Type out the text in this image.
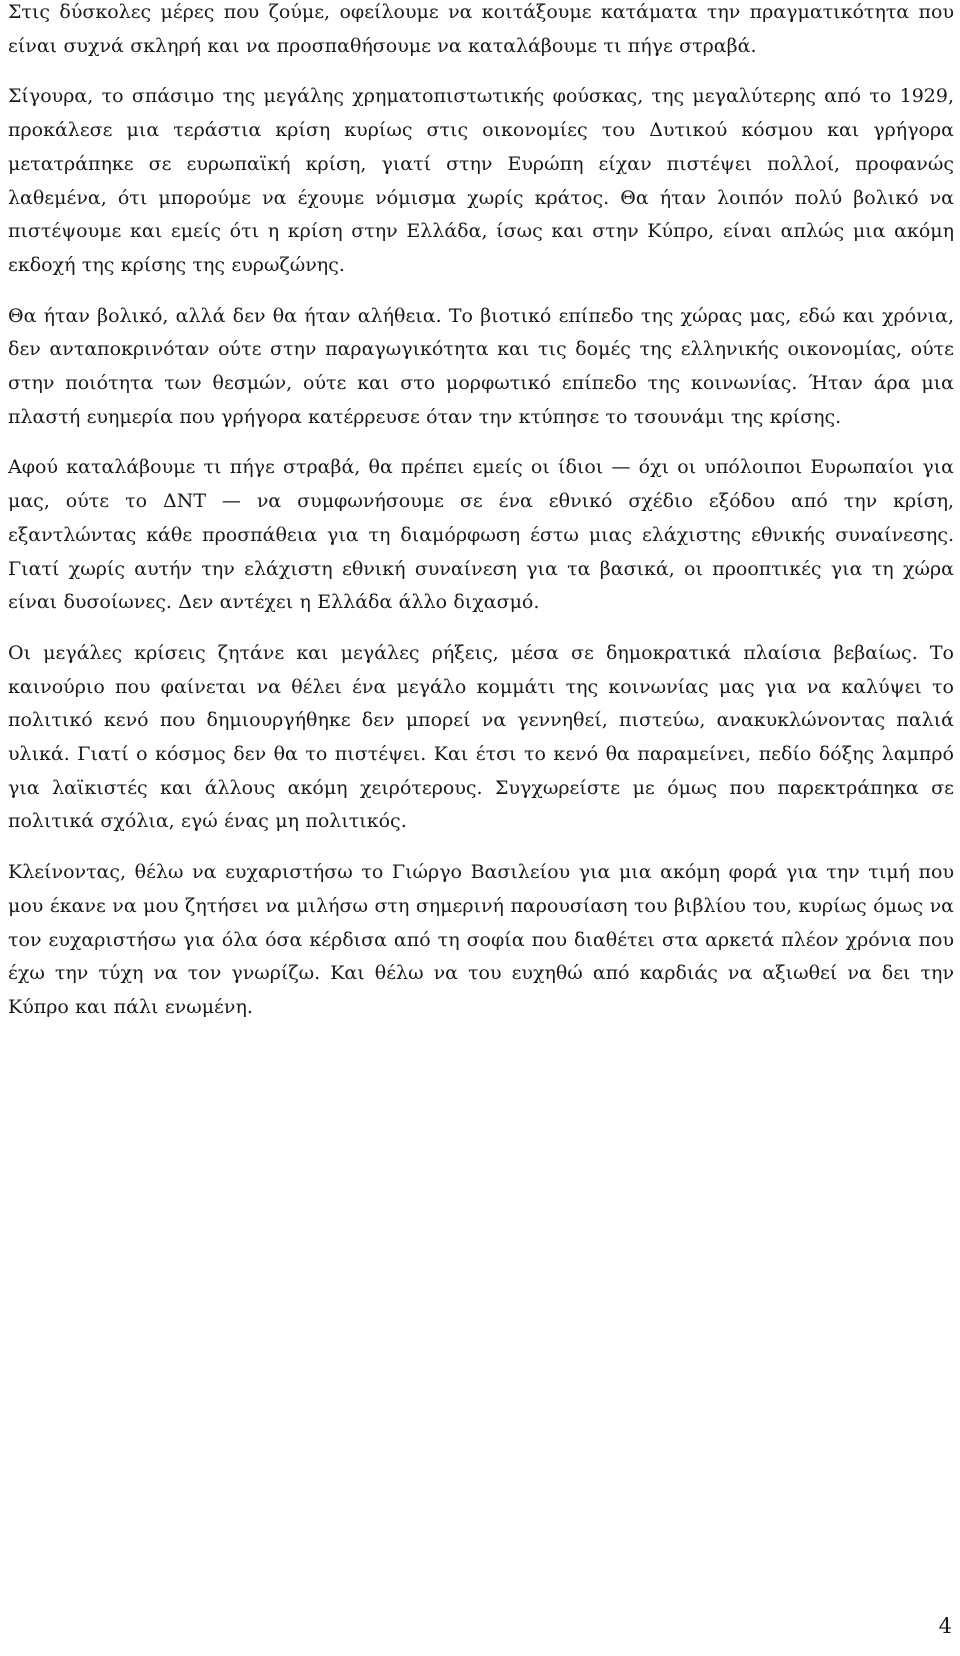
Στις δύσκολες μέρες που ζούμε, οφείλουμε να κοιτάξουμε κατάματα την πραγματικότητα που είναι συχνά σκληρή και να προσπαθήσουμε να καταλάβουμε τι πήγε στραβά.

Σίγουρα, το σπάσιμο της μεγάλης χρηματοπιστωτικής φούσκας, της μεγαλύτερης από το 1929, προκάλεσε μια τεράστια κρίση κυρίως στις οικονομίες του Δυτικού κόσμου και γρήγορα μετατράπηκε σε ευρωπαϊκή κρίση, γιατί στην Ευρώπη είχαν πιστέψει πολλοί, προφανώς λαθεμένα, ότι μπορούμε να έχουμε νόμισμα χωρίς κράτος. Θα ήταν λοιπόν πολύ βολικό να πιστέψουμε και εμείς ότι η κρίση στην Ελλάδα, ίσως και στην Κύπρο, είναι απλώς μια ακόμη εκδοχή της κρίσης της ευρωζώνης.

Θα ήταν βολικό, αλλά δεν θα ήταν αλήθεια. Το βιοτικό επίπεδο της χώρας μας, εδώ και χρόνια, δεν ανταποκρινόταν ούτε στην παραγωγικότητα και τις δομές της ελληνικής οικονομίας, ούτε στην ποιότητα των θεσμών, ούτε και στο μορφωτικό επίπεδο της κοινωνίας. Ήταν άρα μια πλαστή ευημερία που γρήγορα κατέρρευσε όταν την κτύπησε το τσουνάμι της κρίσης.

Αφού καταλάβουμε τι πήγε στραβά, θα πρέπει εμείς οι ίδιοι — όχι οι υπόλοιποι Ευρωπαίοι για μας, ούτε το ΔΝΤ — να συμφωνήσουμε σε ένα εθνικό σχέδιο εξόδου από την κρίση, εξαντλώντας κάθε προσπάθεια για τη διαμόρφωση έστω μιας ελάχιστης εθνικής συναίνεσης. Γιατί χωρίς αυτήν την ελάχιστη εθνική συναίνεση για τα βασικά, οι προοπτικές για τη χώρα είναι δυσοίωνες. Δεν αντέχει η Ελλάδα άλλο διχασμό.

Οι μεγάλες κρίσεις ζητάνε και μεγάλες ρήξεις, μέσα σε δημοκρατικά πλαίσια βεβαίως. Το καινούριο που φαίνεται να θέλει ένα μεγάλο κομμάτι της κοινωνίας μας για να καλύψει το πολιτικό κενό που δημιουργήθηκε δεν μπορεί να γεννηθεί, πιστεύω, ανακυκλώνοντας παλιά υλικά. Γιατί ο κόσμος δεν θα το πιστέψει. Και έτσι το κενό θα παραμείνει, πεδίο δόξης λαμπρό για λαϊκιστές και άλλους ακόμη χειρότερους. Συγχωρείστε με όμως που παρεκτράπηκα σε πολιτικά σχόλια, εγώ ένας μη πολιτικός.

Κλείνοντας, θέλω να ευχαριστήσω το Γιώργο Βασιλείου για μια ακόμη φορά για την τιμή που μου έκανε να μου ζητήσει να μιλήσω στη σημερινή παρουσίαση του βιβλίου του, κυρίως όμως να τον ευχαριστήσω για όλα όσα κέρδισα από τη σοφία που διαθέτει στα αρκετά πλέον χρόνια που έχω την τύχη να τον γνωρίζω. Και θέλω να του ευχηθώ από καρδιάς να αξιωθεί να δει την Κύπρο και πάλι ενωμένη.

4
